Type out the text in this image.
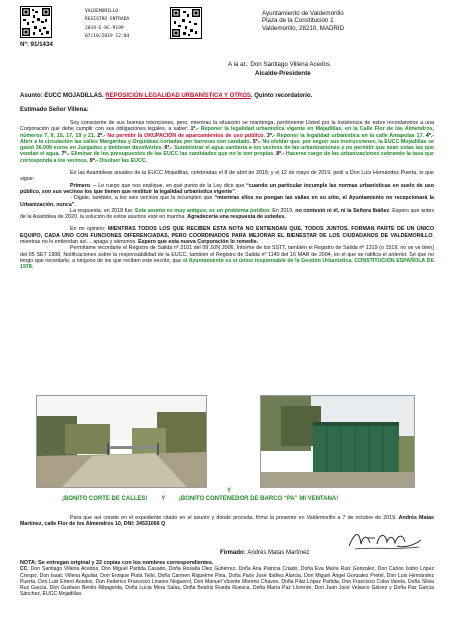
Nº: 91/1434
VALDEMORILLO
REGISTRO ENTRADA
2019-E-RC-9199
07/10/2019 12:04
Ayuntamiento de Valdemorillo
Plaza de la Constitución 1
Valdemorillo, 28210, MADRID
A la at.: Don Santiago Villena Acedos
Alcalde-Presidente

Asunto: EUCC MOJADILLAS. REPOSICIÓN LEGALIDAD URBANÍSTICA Y OTROS. Quinto recordatorio.

Estimado Señor Villena:

Soy consciente de sus buenas intenciones, pero, mientras la situación se mantenga, perdóneme Usted por la insistencia de estos recordatorios a una Corporación que debe cumplir con sus obligaciones legales, a saber: 1º.- Reponer la legalidad urbanística vigente en Mojadillas, en la Calle Flor de los Almendros, números 7, 9, 15, 17, 19 y 21. 2º.- No permitir la OKUPACIÓN de aparcamientos de uso público. 3º.- Reponer la legalidad urbanística en la calle Amapolas 17. 4º.- Abrir a la circulación las calles Margaritas y Orquídeas cortadas por barreras con candado. 5º.- No olvidar que, por seguir sus instrucciones, la EUCC Mojadillas se gastó 36.000 euros en Juzgados y debieran devolvérles. 6º.- Suministrar el agua sanitaria a los vecinos de las urbanizaciones y no permitir que sean estas las que vendan el agua. 7º.- Eliminar de los presupuestos de las EUCC las cantidades que no le son propias. 8º.- Hacerse cargo de las urbanizaciones cobrando la tasa que corresponda a los vecinos. 9º.- Disolver las EUCC.

En las Asambleas anuales de la EUCC Mojadillas, celebradas el 8 de abril de 2018, y el 12 de mayo de 2019, pedí a Don Luís Hernández Puerta, lo que sigue:

Primero. – Le ruego que nos explique, en qué punto de la Ley dice que “cuando un particular incumple las normas urbanísticas en suelo de uso público, son sus vecinos los que tienen que restituir la legalidad urbanística vigente”.

- Digale, también, a los seis vecinos que la incumplen que “mientras ellos no pongan las vallas en su sitio, el Ayuntamiento no recepcionará la Urbanización, nunca”.

La respuesta, en 2018 fue: Este asunto es muy antiguo, es un problema jurídico. En 2019, no contestó ni él, ni la Señora Ibáñez. Espero que antes de la Asamblea de 2020, la solución de estos asuntos esté en marcha. Agradecería una respuesta de ustedes.

En mi opinión: MIENTRAS TODOS LOS QUE RECIBEN ESTA NOTA NO ENTIENDAN QUE, TODOS JUNTOS, FORMAN PARTE DE UN ÚNICO EQUIPO, CADA UNO CON FUNCIONES DIFERENCIADAS, PERO COORDINADOS PARA MEJORAR EL BIENESTAR DE LOS CIUDADANOS DE VALDEMORILLO, mientras no lo entiendan así… apaga y vámonos. Espero que esta nueva Corporación lo remedie.

Permítame recordarle el Registro de Salida nº 3101 del 09 JUN 2006, Informe de los SSTT, también el Registro de Salida nº 1319 (o 1519, no se ve bien) del 05 SET 1998, Notificaciones sobre la responsabilidad de la EUCC, también el Registro de Salida nº 1140 del 16 MAR de 2004, en el que se ratifica el anterior. Sé que no tengo que recordarle, a ninguno de los que reciben este escrito, que el Ayuntamiento es el único responsable de la Gestión Urbanística, CONSTITUCIÓN ESPAÑOLA DE 1978.

Y
¡BONITO CORTE DE CALLES! Y ¡BONITO CONTENEDOR DE BARCO “PA” MI VENTANA!

Para que así conste en el expediente citado en el asunto y donde proceda, firmo la presente en Valdemorillo a 7 de octubre de 2019. Andrés Matas Martínez, calle Flor de los Almendros 10, DNI: 34531066 Q

Firmado: Andrés Matas Martínez

NOTA: Se entregan original y 22 copias con los nombres correspondientes.

CC: Don Santiago Villena Acedos, Don Miguel Partida Casado, Doña Rosalía Diez Gutiérrez, Doña Ana Patricia Criado, Doña Eva María Ruiz Gonzalez, Don Carlos Isidro López Crespo, Don Isaac Villena Aguilar, Don Enrique Platá Tello, Doña Carmen Riquelme Pina, Doña Paris José Ibáñez Alarcia, Don Miguel Ángel Gonzalez Pretel, Don Luis Hernández Puerta, Don Luis Ertero Acedos, Don Federico Francisco Linares Noguerol, Don Manuel Vicente Moreno Chaves, Doña Pilar López Partida, Don Francisco Coba Varela, Doña Silvia Ruz García, Don Gustavo Benito Ribagorda, Doña Lucia Mora Salas, Doña Beatriz Rueda Ruesca, Doña María Paz Llorente, Don Juan José Velasco Gálvez y Doña Paz García Sánchez, EUCC Mojadillas.
